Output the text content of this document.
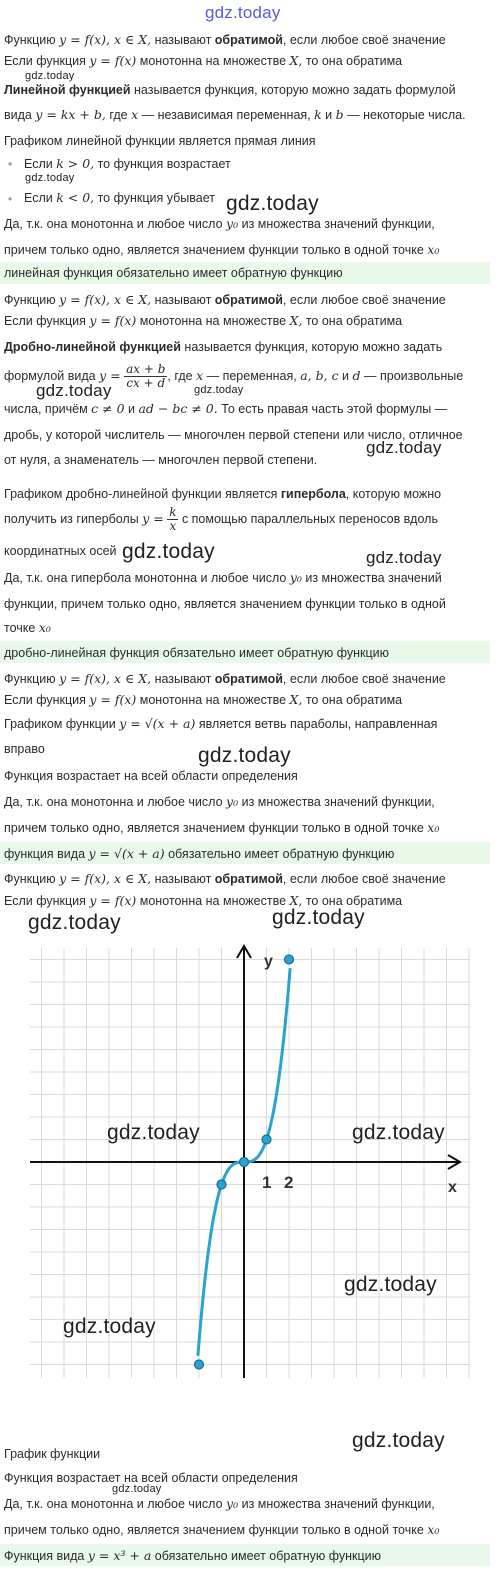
gdz.today
Функцию y = f(x), x ∈ X, называют обратимой, если любое своё значение
Если функция y = f(x) монотонна на множестве X, то она обратима
gdz.today
Линейной функцией называется функция, которую можно задать формулой
вида y = kx + b, где x — независимая переменная, k и b — некоторые числа.
Графиком линейной функции является прямая линия
• Если k > 0, то функция возрастает
gdz.today
• Если k < 0, то функция убывает gdz.today
Да, т.к. она монотонна и любое число y₀ из множества значений функции,
причем только одно, является значением функции только в одной точке x₀
линейная функция обязательно имеет обратную функцию
Функцию y = f(x), x ∈ X, называют обратимой, если любое своё значение
Если функция y = f(x) монотонна на множестве X, то она обратима
Дробно-линейной функцией называется функция, которую можно задать
формулой вида $y = \frac{ax + b}{cx + d}$ , где x — переменная, a, b, c и d — произвольные
gdz.today	gdz.today
числа, причём c ≠ 0 и ad − bc ≠ 0. То есть правая часть этой формулы —
дробь, у которой числитель — многочлен первой степени или число, отличное
gdz.today
от нуля, а знаменатель — многочлен первой степени.
Графиком дробно-линейной функции является гипербола, которую можно
получить из гиперболы $y = \frac{k}{x}$ с помощью параллельных переносов вдоль
координатных осей gdz.today	gdz.today
Да, т.к. она гипербола монотонна и любое число y₀ из множества значений
функции, причем только одно, является значением функции только в одной
точке x₀
дробно-линейная функция обязательно имеет обратную функцию
Функцию y = f(x), x ∈ X, называют обратимой, если любое своё значение
Если функция y = f(x) монотонна на множестве X, то она обратима
Графиком функции y = √(x + a) является ветвь параболы, направленная
вправо	gdz.today
Функция возрастает на всей области определения
Да, т.к. она монотонна и любое число y₀ из множества значений функции,
причем только одно, является значением функции только в одной точке x₀
функция вида y = √(x + a) обязательно имеет обратную функцию
Функцию y = f(x), x ∈ X, называют обратимой, если любое своё значение
Если функция y = f(x) монотонна на множестве X, то она обратима
y
x
1 2
gdz.today	gdz.today
gdz.today	gdz.today
gdz.today
gdz.today
gdz.today
График функции
Функция возрастает на всей области определения
gdz.today
Да, т.к. она монотонна и любое число y₀ из множества значений функции,
причем только одно, является значением функции только в одной точке x₀
Функция вида y = x³ + a обязательно имеет обратную функцию
